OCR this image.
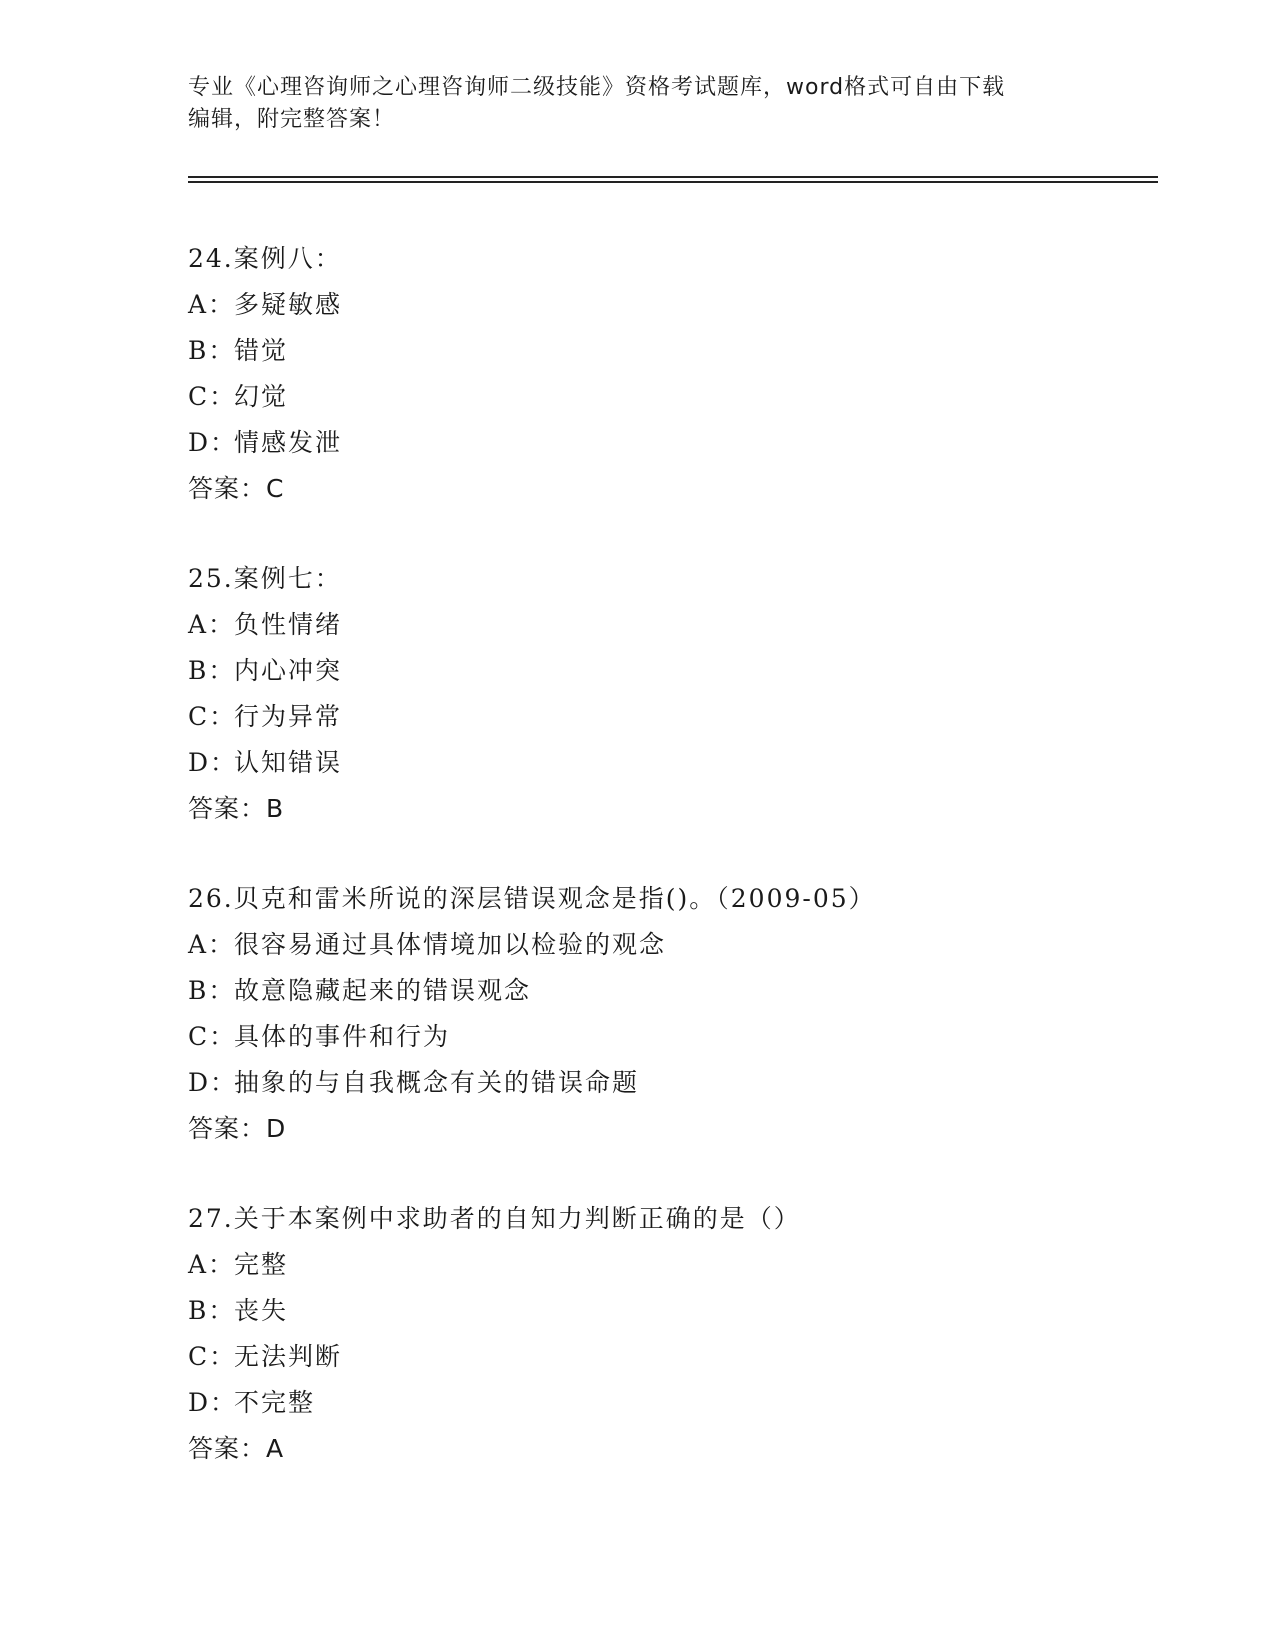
专业《心理咨询师之心理咨询师二级技能》资格考试题库，word格式可自由下载
编辑，附完整答案！
24.案例八：
A：多疑敏感
B：错觉
C：幻觉
D：情感发泄
答案：C
25.案例七：
A：负性情绪
B：内心冲突
C：行为异常
D：认知错误
答案：B
26.贝克和雷米所说的深层错误观念是指()。（2009-05）
A：很容易通过具体情境加以检验的观念
B：故意隐藏起来的错误观念
C：具体的事件和行为
D：抽象的与自我概念有关的错误命题
答案：D
27.关于本案例中求助者的自知力判断正确的是（）
A：完整
B：丧失
C：无法判断
D：不完整
答案：A
